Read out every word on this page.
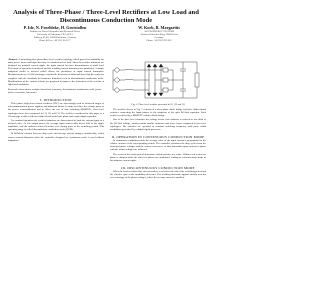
Analysis of Three-Phase / Three-Level Rectifiers at Low Load and
Discontinuous Conduction Mode
P. Ide, N. Froehleke, H. Grotstollen
Institute for Power Electronics and Electrical Drives
University of Paderborn, FB-14 LEA
Pohlweg 47-49, 33098 Paderborn, Germany
Phone & Fax: +49 5251 60 5177
W. Korb, B. Margaritis
ASCOM ENERGY SYSTEMS
Siemens-Schwester-Ring, 59494 Soest
Germany
Phone: +49 2921 997-362
Abstract– A promising three-phase/three-level rectifier topology which proved its suitability for unity power factor and high efficiency is examined at low load. Since the rectifier inductors are designed for nominal current ripple, the input current becomes discontinuous at small load. This mode of operation is analyzed and the resulting current distortions are quantified. A simple analytical model is derived which allows the prediction of input current harmonics. Measurements on a 10 kW prototype confirm the theoretical results and show that the converter complies with the standards for harmonic distortion even in discontinuous conduction mode. Modifications of the control scheme are proposed to improve the behaviour of the rectifier at light load conditions.
Keywords: three-phase rectifier, three-level converter, discontinuous conduction mode, power factor correction, harmonics
I. INTRODUCTION

Three-phase high power factor rectifiers (PFC) are increasingly used as front-end stages of telecommunication power supplies and industrial drives. In order to reduce the voltage stress of the power semiconductors and to allow the use of fast switching MOSFETs, three-level topologies have been proposed in [1], [2] and [3]. The rectifier considered in this paper is a Vienna-type rectifier with one bidirectional switch per phase and a split output capacitor.

For nominal operation the rectifier inductors are dimensioned to limit the current ripple to a defined value. At low output power the average input current falls below half of the ripple amplitude, and the inductor current becomes zero during parts of the switching period. This operating range is called discontinuous conduction mode (DCM).

In DCM the relation between duty cycle and average current changes considerably, which causes current distortion when the controller designed for continuous mode is used without adaptation.

Fig. 1: Three-level rectifier presented in [1], [2] and [3]

The rectifier shown in Fig. 1 consists of a three-phase diode bridge and three bidirectional switches connecting the input phases to the midpoint of the split DC-link capacitor. Each switch is realized by a MOSFET within a diode bridge.

Due to the three-level structure the voltage across each inductor is reduced to one third of the DC-link voltage, which permits smaller inductors and lower losses compared to two-level topologies. The switches are operated at constant switching frequency with pulse width modulation generated by a digital signal processor.

II. OPERATION IN CONTINUOUS CONDUCTION MODE

In continuous conduction mode the average value of the input current is proportional to the relative on-time of the corresponding switch. The controller calculates the duty cycles from the measured phase voltages and the current references, so that sinusoidal input currents in phase with the mains voltages are achieved.

The sector of the mains period determines which switches are active. Within each sector one phase is clamped while the other two phases are modulated, leading to a characteristic shape of the inductor current ripple.

III. DISCONTINUOUS CONDUCTION MODE

When the load is reduced the current reaches zero before the end of the switching period and the effective gain of the modulator decreases. The resulting distortion appears mainly near the zero crossings of the phase voltages, where the average current is smallest.
